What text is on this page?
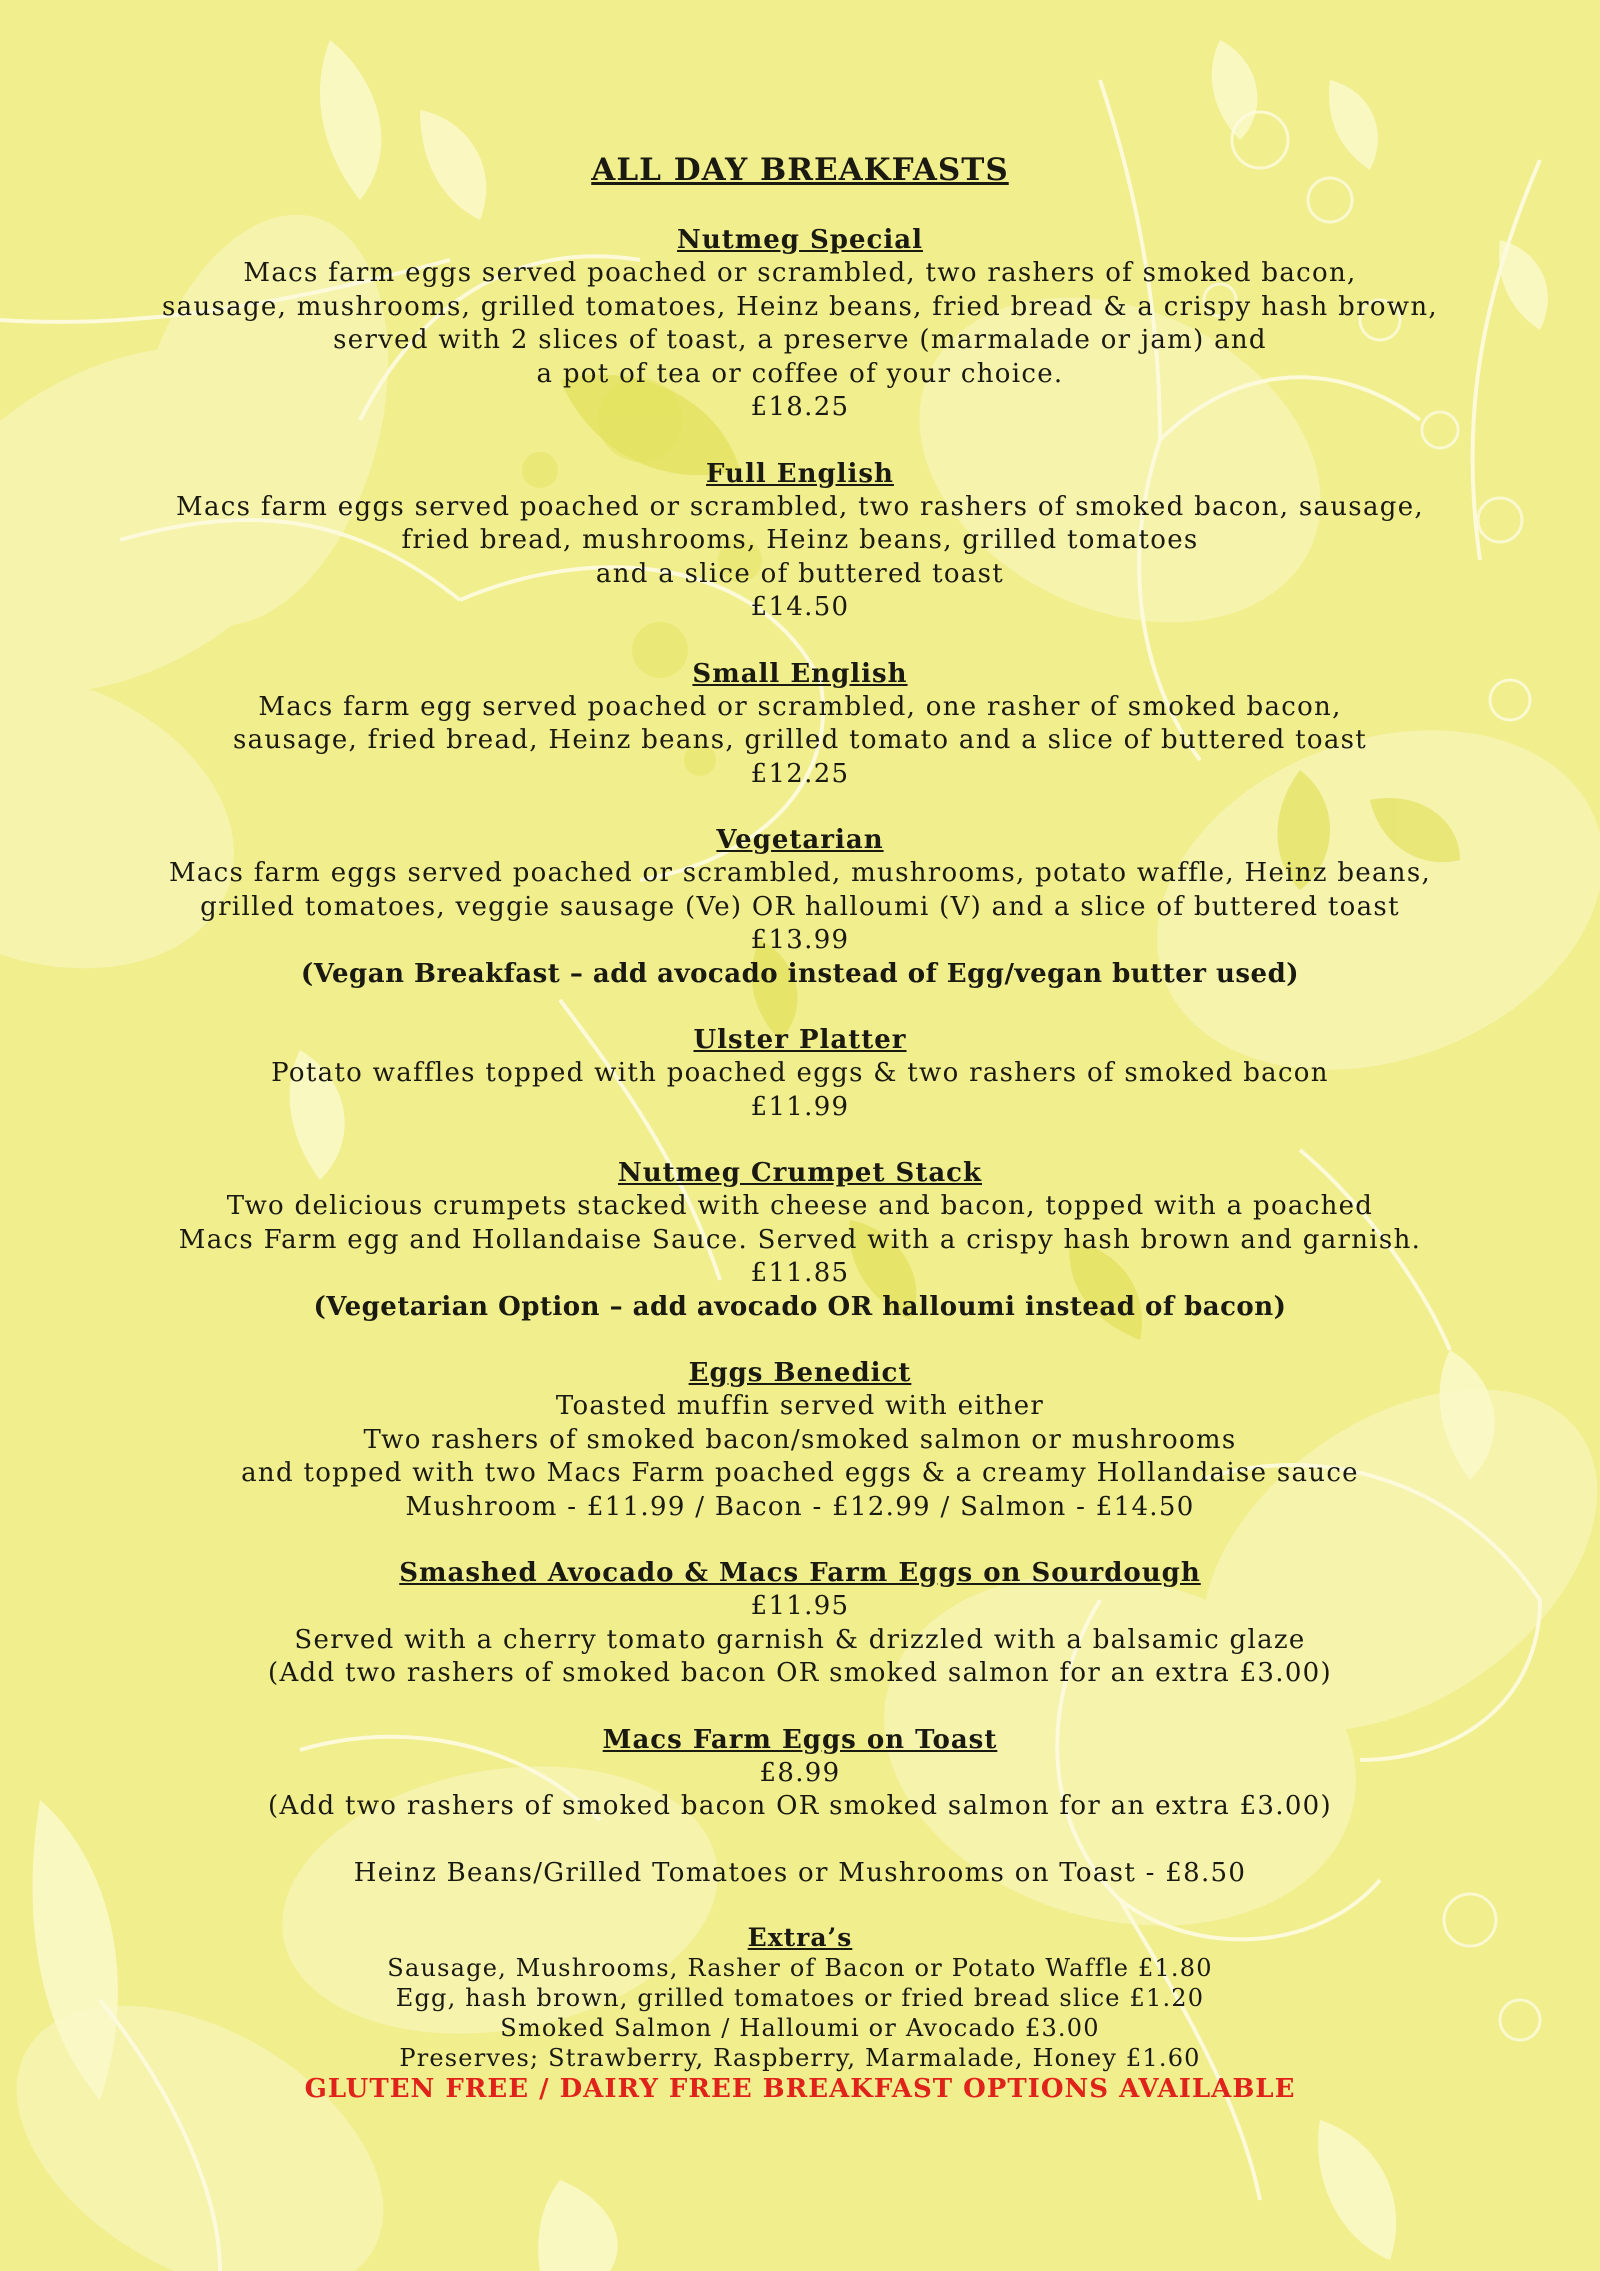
ALL DAY BREAKFASTS
Nutmeg Special
Macs farm eggs served poached or scrambled, two rashers of smoked bacon,
sausage, mushrooms, grilled tomatoes, Heinz beans, fried bread & a crispy hash brown,
served with 2 slices of toast, a preserve (marmalade or jam) and
a pot of tea or coffee of your choice.
£18.25
Full English
Macs farm eggs served poached or scrambled, two rashers of smoked bacon, sausage,
fried bread, mushrooms, Heinz beans, grilled tomatoes
and a slice of buttered toast
£14.50
Small English
Macs farm egg served poached or scrambled, one rasher of smoked bacon,
sausage, fried bread, Heinz beans, grilled tomato and a slice of buttered toast
£12.25
Vegetarian
Macs farm eggs served poached or scrambled, mushrooms, potato waffle, Heinz beans,
grilled tomatoes, veggie sausage (Ve) OR halloumi (V) and a slice of buttered toast
£13.99
(Vegan Breakfast – add avocado instead of Egg/vegan butter used)
Ulster Platter
Potato waffles topped with poached eggs & two rashers of smoked bacon
£11.99
Nutmeg Crumpet Stack
Two delicious crumpets stacked with cheese and bacon, topped with a poached
Macs Farm egg and Hollandaise Sauce. Served with a crispy hash brown and garnish.
£11.85
(Vegetarian Option – add avocado OR halloumi instead of bacon)
Eggs Benedict
Toasted muffin served with either
Two rashers of smoked bacon/smoked salmon or mushrooms
and topped with two Macs Farm poached eggs & a creamy Hollandaise sauce
Mushroom - £11.99 / Bacon - £12.99 / Salmon - £14.50
Smashed Avocado & Macs Farm Eggs on Sourdough
£11.95
Served with a cherry tomato garnish & drizzled with a balsamic glaze
(Add two rashers of smoked bacon OR smoked salmon for an extra £3.00)
Macs Farm Eggs on Toast
£8.99
(Add two rashers of smoked bacon OR smoked salmon for an extra £3.00)
Heinz Beans/Grilled Tomatoes or Mushrooms on Toast - £8.50
Extra’s
Sausage, Mushrooms, Rasher of Bacon or Potato Waffle £1.80
Egg, hash brown, grilled tomatoes or fried bread slice £1.20
Smoked Salmon / Halloumi or Avocado £3.00
Preserves; Strawberry, Raspberry, Marmalade, Honey £1.60
GLUTEN FREE / DAIRY FREE BREAKFAST OPTIONS AVAILABLE
